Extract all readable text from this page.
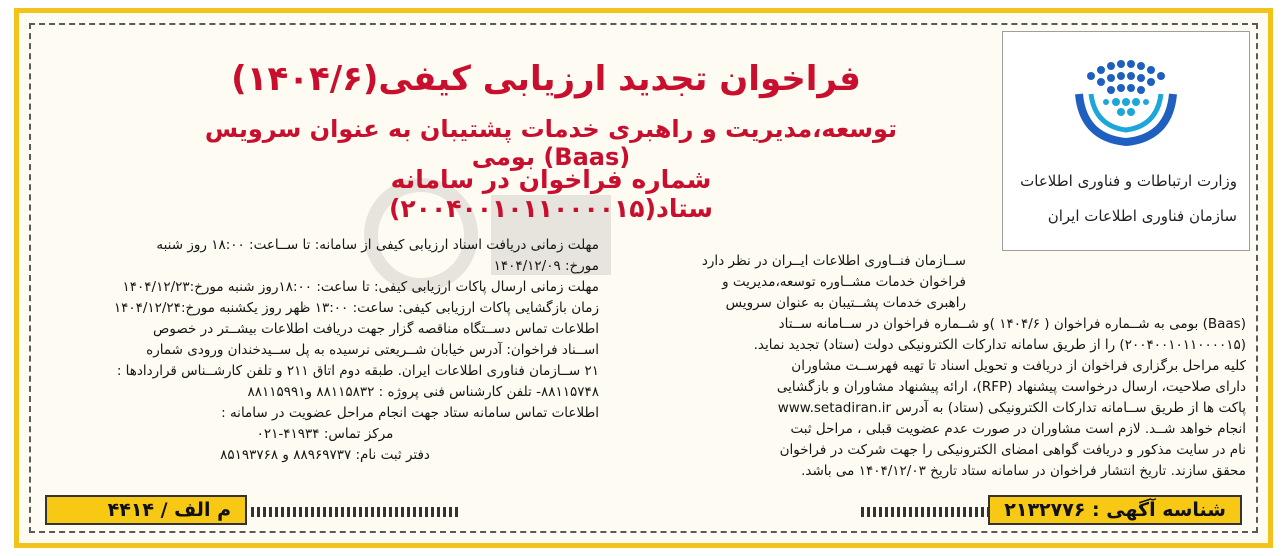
وزارت ارتباطات و فناوری اطلاعات
سازمان فناوری اطلاعات ایران
فراخوان تجدید ارزیابی کیفی(۱۴۰۴/۶)
توسعه،مدیریت و راهبری خدمات پشتیبان به عنوان سرویس (Baas) بومی
شماره فراخوان در سامانه ستاد(۲۰۰۴۰۰۱۰۱۱۰۰۰۰۱۵)
ســازمان فنــاوری اطلاعات ایــران در نظر دارد
فراخوان خدمات مشــاوره توسعه،مدیریت و
راهبری خدمات پشــتیبان به عنوان سرویس
(Baas) بومی به شــماره فراخوان ( ۱۴۰۴/۶ )و شــماره فراخوان در ســامانه ســتاد
(۲۰۰۴۰۰۱۰۱۱۰۰۰۰۱۵) را از طریق سامانه تدارکات الکترونیکی دولت (ستاد) تجدید نماید.
کلیه مراحل برگزاری فراخوان از دریافت و تحویل اسناد تا تهیه فهرســت مشاوران
دارای صلاحیت، ارسال درخواست پیشنهاد (RFP)، ارائه پیشنهاد مشاوران و بازگشایی
پاکت ها از طریق ســامانه تدارکات الکترونیکی (ستاد) به آدرس www.setadiran.ir
انجام خواهد شــد. لازم است مشاوران در صورت عدم عضویت قبلی ، مراحل ثبت
نام در سایت مذکور و دریافت گواهی امضای الکترونیکی را جهت شرکت در فراخوان
محقق سازند. تاریخ انتشار فراخوان در سامانه ستاد تاریخ ۱۴۰۴/۱۲/۰۳ می باشد.
مهلت زمانی دریافت اسناد ارزیابی کیفی از سامانه: تا ســاعت: ۱۸:۰۰ روز شنبه
مورخ: ۱۴۰۴/۱۲/۰۹
مهلت زمانی ارسال پاکات ارزیابی کیفی: تا ساعت: ۱۸:۰۰روز شنبه مورخ:۱۴۰۴/۱۲/۲۳
زمان بازگشایی پاکات ارزیابی کیفی: ساعت: ۱۳:۰۰ ظهر روز یکشنبه مورخ:۱۴۰۴/۱۲/۲۴
اطلاعات تماس دســتگاه مناقصه گزار جهت دریافت اطلاعات بیشــتر در خصوص
اســناد فراخوان: آدرس خیابان شــریعتی نرسیده به پل ســیدخندان ورودی شماره
۲۱ ســازمان فناوری اطلاعات ایران. طبقه دوم اتاق ۲۱۱ و تلفن کارشــناس قراردادها :
۸۸۱۱۵۷۴۸- تلفن کارشناس فنی پروژه : ۸۸۱۱۵۸۳۲ و۸۸۱۱۵۹۹۱
اطلاعات تماس سامانه ستاد جهت انجام مراحل عضویت در سامانه :
مرکز تماس: ۴۱۹۳۴-۰۲۱
دفتر ثبت نام: ۸۸۹۶۹۷۳۷ و ۸۵۱۹۳۷۶۸
شناسه آگهی : ۲۱۳۲۷۷۶
م الف / ۴۴۱۴
